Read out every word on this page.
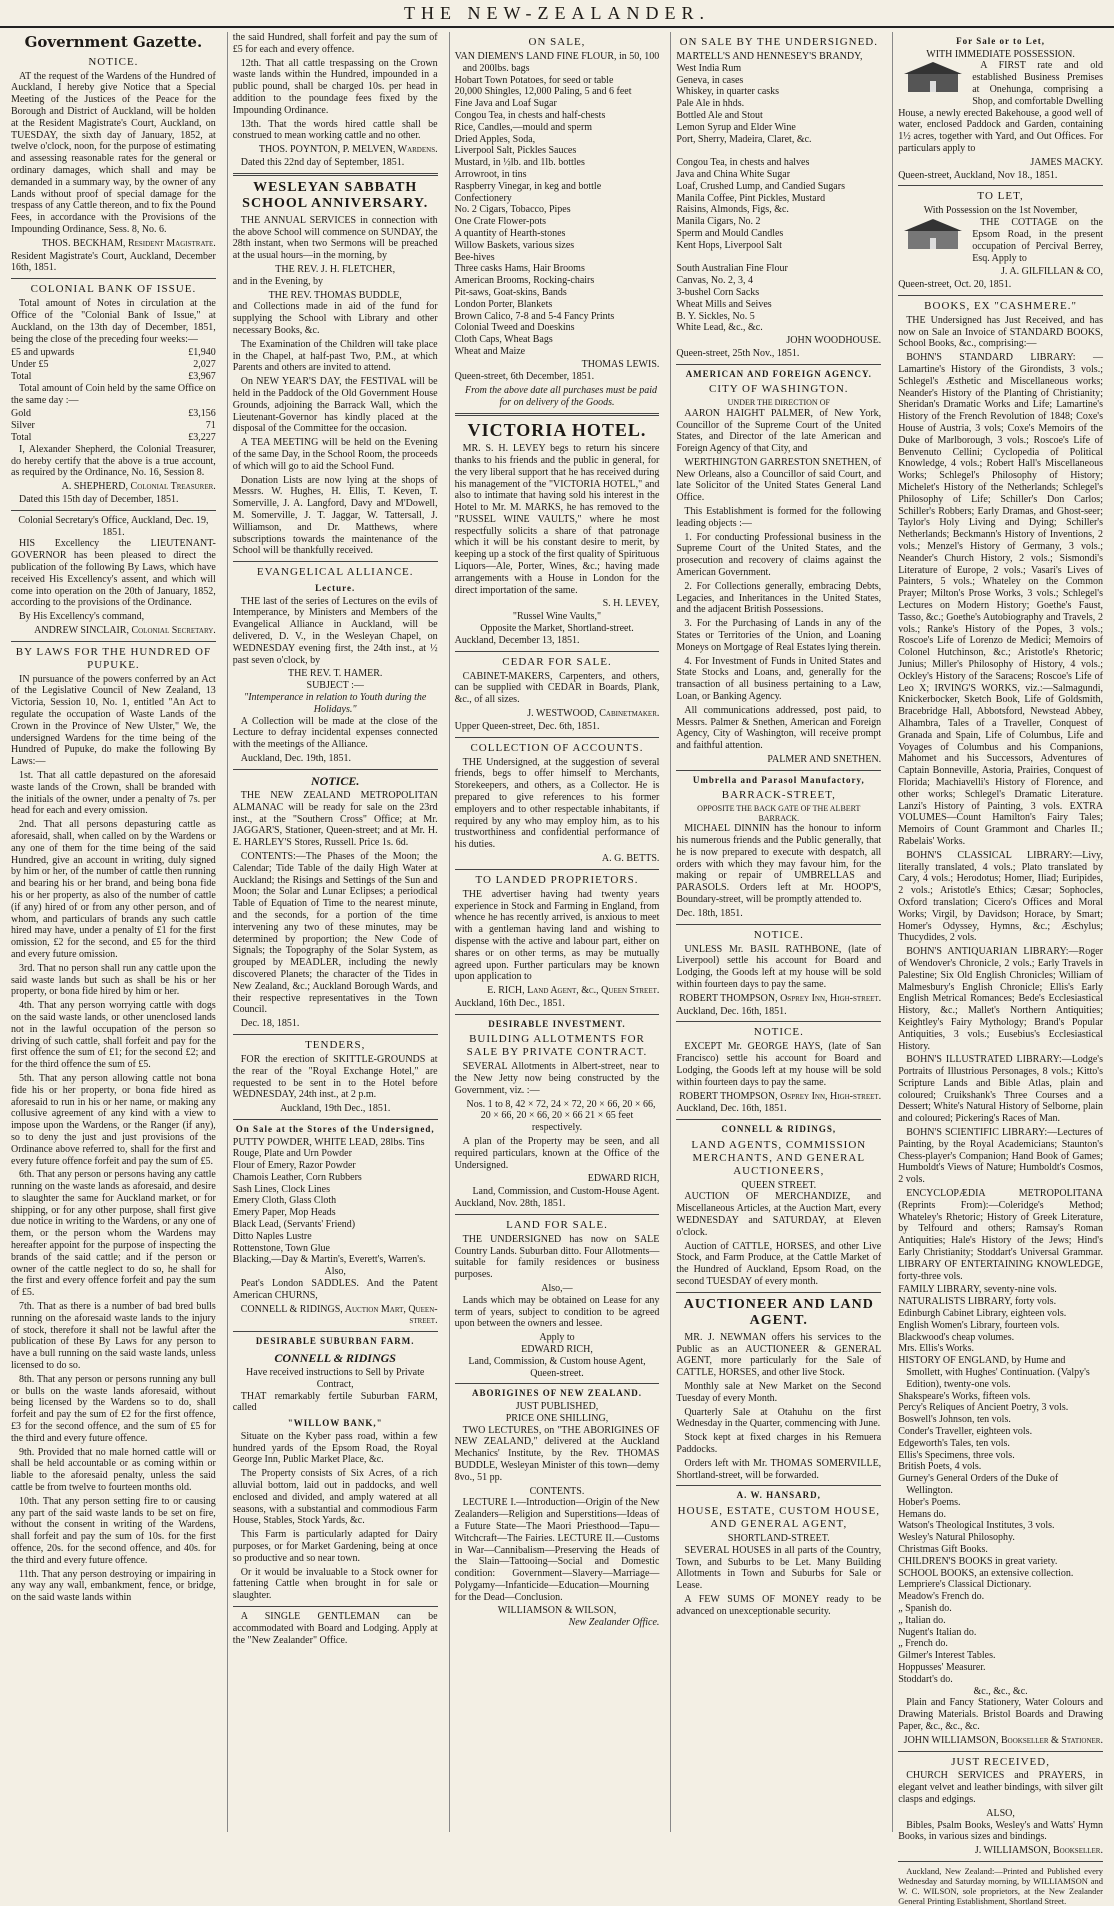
THE NEW-ZEALANDER.
Government Gazette.
NOTICE.

AT the request of the Wardens of the Hundred of Auckland, I hereby give Notice that a Special Meeting of the Justices of the Peace for the Borough and District of Auckland, will be holden at the Resident Magistrate's Court, Auckland, on TUESDAY, the sixth day of January, 1852, at twelve o'clock, noon, for the purpose of estimating and assessing reasonable rates for the general or ordinary damages, which shall and may be demanded in a summary way, by the owner of any Lands without proof of special damage for the trespass of any Cattle thereon, and to fix the Pound Fees, in accordance with the Provisions of the Impounding Ordinance, Sess. 8, No. 6.

THOS. BECKHAM, Resident Magistrate.

Resident Magistrate's Court, Auckland, December 16th, 1851.

COLONIAL BANK OF ISSUE.

Total amount of Notes in circulation at the Office of the "Colonial Bank of Issue," at Auckland, on the 13th day of December, 1851, being the close of the preceding four weeks:—

£5 and upwards	£1,940
Under £5	2,027
Total	£3,967

Total amount of Coin held by the same Office on the same day :—

Gold	£3,156
Silver	71
Total	£3,227

I, Alexander Shepherd, the Colonial Treasurer, do hereby certify that the above is a true account, as required by the Ordinance, No. 16, Session 8.

A. SHEPHERD, Colonial Treasurer.

Dated this 15th day of December, 1851.

Colonial Secretary's Office, Auckland, Dec. 19, 1851.

HIS Excellency the LIEUTENANT-GOVERNOR has been pleased to direct the publication of the following By Laws, which have received His Excellency's assent, and which will come into operation on the 20th of January, 1852, according to the provisions of the Ordinance.

By His Excellency's command,

ANDREW SINCLAIR, Colonial Secretary.
BY LAWS FOR THE HUNDRED OF PUPUKE.

IN pursuance of the powers conferred by an Act of the Legislative Council of New Zealand, 13 Victoria, Session 10, No. 1, entitled "An Act to regulate the occupation of Waste Lands of the Crown in the Province of New Ulster," We, the undersigned Wardens for the time being of the Hundred of Pupuke, do make the following By Laws:—

1st. That all cattle depastured on the aforesaid waste lands of the Crown, shall be branded with the initials of the owner, under a penalty of 7s. per head for each and every omission.

2nd. That all persons depasturing cattle as aforesaid, shall, when called on by the Wardens or any one of them for the time being of the said Hundred, give an account in writing, duly signed by him or her, of the number of cattle then running and bearing his or her brand, and being bona fide his or her property, as also of the number of cattle (if any) hired of or from any other person, and of whom, and particulars of brands any such cattle hired may have, under a penalty of £1 for the first omission, £2 for the second, and £5 for the third and every future omission.

3rd. That no person shall run any cattle upon the said waste lands but such as shall be his or her property, or bona fide hired by him or her.

4th. That any person worrying cattle with dogs on the said waste lands, or other unenclosed lands not in the lawful occupation of the person so driving of such cattle, shall forfeit and pay for the first offence the sum of £1; for the second £2; and for the third offence the sum of £5.

5th. That any person allowing cattle not bona fide his or her property, or bona fide hired as aforesaid to run in his or her name, or making any collusive agreement of any kind with a view to impose upon the Wardens, or the Ranger (if any), so to deny the just and just provisions of the Ordinance above referred to, shall for the first and every future offence forfeit and pay the sum of £5.

6th. That any person or persons having any cattle running on the waste lands as aforesaid, and desire to slaughter the same for Auckland market, or for shipping, or for any other purpose, shall first give due notice in writing to the Wardens, or any one of them, or the person whom the Wardens may hereafter appoint for the purpose of inspecting the brands of the said cattle; and if the person or owner of the cattle neglect to do so, he shall for the first and every offence forfeit and pay the sum of £5.

7th. That as there is a number of bad bred bulls running on the aforesaid waste lands to the injury of stock, therefore it shall not be lawful after the publication of these By Laws for any person to have a bull running on the said waste lands, unless licensed to do so.

8th. That any person or persons running any bull or bulls on the waste lands aforesaid, without being licensed by the Wardens so to do, shall forfeit and pay the sum of £2 for the first offence, £3 for the second offence, and the sum of £5 for the third and every future offence.

9th. Provided that no male horned cattle will or shall be held accountable or as coming within or liable to the aforesaid penalty, unless the said cattle be from twelve to fourteen months old.

10th. That any person setting fire to or causing any part of the said waste lands to be set on fire, without the consent in writing of the Wardens, shall forfeit and pay the sum of 10s. for the first offence, 20s. for the second offence, and 40s. for the third and every future offence.

11th. That any person destroying or impairing in any way any wall, embankment, fence, or bridge, on the said waste lands within

the said Hundred, shall forfeit and pay the sum of £5 for each and every offence.

12th. That all cattle trespassing on the Crown waste lands within the Hundred, impounded in a public pound, shall be charged 10s. per head in addition to the poundage fees fixed by the Impounding Ordinance.

13th. That the words hired cattle shall be construed to mean working cattle and no other.

THOS. POYNTON, P. MELVEN, Wardens.

Dated this 22nd day of September, 1851.

WESLEYAN SABBATH SCHOOL ANNIVERSARY.

THE ANNUAL SERVICES in connection with the above School will commence on SUNDAY, the 28th instant, when two Sermons will be preached at the usual hours—in the morning, by

THE REV. J. H. FLETCHER,

and in the Evening, by

THE REV. THOMAS BUDDLE,

and Collections made in aid of the fund for supplying the School with Library and other necessary Books, &c.

The Examination of the Children will take place in the Chapel, at half-past Two, P.M., at which Parents and others are invited to attend.

On NEW YEAR'S DAY, the FESTIVAL will be held in the Paddock of the Old Government House Grounds, adjoining the Barrack Wall, which the Lieutenant-Governor has kindly placed at the disposal of the Committee for the occasion.

A TEA MEETING will be held on the Evening of the same Day, in the School Room, the proceeds of which will go to aid the School Fund.

Donation Lists are now lying at the shops of Messrs. W. Hughes, H. Ellis, T. Keven, T. Somerville, J. A. Langford, Davy and M'Dowell, M. Somerville, J. T. Jaggar, W. Tattersall, J. Williamson, and Dr. Matthews, where subscriptions towards the maintenance of the School will be thankfully received.

EVANGELICAL ALLIANCE.
Lecture.

THE last of the series of Lectures on the evils of Intemperance, by Ministers and Members of the Evangelical Alliance in Auckland, will be delivered, D. V., in the Wesleyan Chapel, on WEDNESDAY evening first, the 24th inst., at ½ past seven o'clock, by

THE REV. T. HAMER.
SUBJECT :—
"Intemperance in relation to Youth during the Holidays."

A Collection will be made at the close of the Lecture to defray incidental expenses connected with the meetings of the Alliance.

Auckland, Dec. 19th, 1851.

NOTICE.

THE NEW ZEALAND METROPOLITAN ALMANAC will be ready for sale on the 23rd inst., at the "Southern Cross" Office; at Mr. JAGGAR'S, Stationer, Queen-street; and at Mr. H. E. HARLEY'S Stores, Russell. Price 1s. 6d.

CONTENTS:—The Phases of the Moon; the Calendar; Tide Table of the daily High Water at Auckland; the Risings and Settings of the Sun and Moon; the Solar and Lunar Eclipses; a periodical Table of Equation of Time to the nearest minute, and the seconds, for a portion of the time intervening any two of these minutes, may be determined by proportion; the New Code of Signals; the Topography of the Solar System, as grouped by MEADLER, including the newly discovered Planets; the character of the Tides in New Zealand, &c.; Auckland Borough Wards, and their respective representatives in the Town Council.

Dec. 18, 1851.

TENDERS,

FOR the erection of SKITTLE-GROUNDS at the rear of the "Royal Exchange Hotel," are requested to be sent in to the Hotel before WEDNESDAY, 24th inst., at 2 p.m.

Auckland, 19th Dec., 1851.
On Sale at the Stores of the Undersigned,
PUTTY POWDER, WHITE LEAD, 28lbs. Tins
Rouge, Plate and Urn Powder
Flour of Emery, Razor Powder
Chamois Leather, Corn Rubbers
Sash Lines, Clock Lines
Emery Cloth, Glass Cloth
Emery Paper, Mop Heads
Black Lead, (Servants' Friend)
Ditto Naples Lustre
Rottenstone, Town Glue
Blacking,—Day & Martin's, Everett's, Warren's.
Also,

Peat's London SADDLES. And the Patent American CHURNS,

CONNELL & RIDINGS, Auction Mart, Queen-street.
DESIRABLE SUBURBAN FARM.
CONNELL & RIDINGS
Have received instructions to Sell by Private Contract,

THAT remarkably fertile Suburban FARM, called

"WILLOW BANK,"

Situate on the Kyber pass road, within a few hundred yards of the Epsom Road, the Royal George Inn, Public Market Place, &c.

The Property consists of Six Acres, of a rich alluvial bottom, laid out in paddocks, and well enclosed and divided, and amply watered at all seasons, with a substantial and commodious Farm House, Stables, Stock Yards, &c.

This Farm is particularly adapted for Dairy purposes, or for Market Gardening, being at once so productive and so near town.

Or it would be invaluable to a Stock owner for fattening Cattle when brought in for sale or slaughter.

A SINGLE GENTLEMAN can be accommodated with Board and Lodging. Apply at the "New Zealander" Office.

ON SALE,
VAN DIEMEN'S LAND FINE FLOUR, in 50, 100 and 200lbs. bags
Hobart Town Potatoes, for seed or table
20,000 Shingles, 12,000 Paling, 5 and 6 feet
Fine Java and Loaf Sugar
Congou Tea, in chests and half-chests
Rice, Candles,—mould and sperm
Dried Apples, Soda,
Liverpool Salt, Pickles Sauces
Mustard, in ½lb. and 1lb. bottles
Arrowroot, in tins
Raspberry Vinegar, in keg and bottle
Confectionery
No. 2 Cigars, Tobacco, Pipes
One Crate Flower-pots
A quantity of Hearth-stones
Willow Baskets, various sizes
Bee-hives
Three casks Hams, Hair Brooms
American Brooms, Rocking-chairs
Pit-saws, Goat-skins, Bands
London Porter, Blankets
Brown Calico, 7-8 and 5-4 Fancy Prints
Colonial Tweed and Doeskins
Cloth Caps, Wheat Bags
Wheat and Maize
THOMAS LEWIS.

Queen-street, 6th December, 1851.

From the above date all purchases must be paid for on delivery of the Goods.

VICTORIA HOTEL.

MR. S. H. LEVEY begs to return his sincere thanks to his friends and the public in general, for the very liberal support that he has received during his management of the "VICTORIA HOTEL," and also to intimate that having sold his interest in the Hotel to Mr. M. MARKS, he has removed to the "RUSSEL WINE VAULTS," where he most respectfully solicits a share of that patronage which it will be his constant desire to merit, by keeping up a stock of the first quality of Spirituous Liquors—Ale, Porter, Wines, &c.; having made arrangements with a House in London for the direct importation of the same.

S. H. LEVEY,
"Russel Wine Vaults,"
Opposite the Market, Shortland-street.

Auckland, December 13, 1851.

CEDAR FOR SALE.

CABINET-MAKERS, Carpenters, and others, can be supplied with CEDAR in Boards, Plank, &c., of all sizes.

J. WESTWOOD, Cabinetmaker.

Upper Queen-street, Dec. 6th, 1851.

COLLECTION OF ACCOUNTS.

THE Undersigned, at the suggestion of several friends, begs to offer himself to Merchants, Storekeepers, and others, as a Collector. He is prepared to give references to his former employers and to other respectable inhabitants, if required by any who may employ him, as to his trustworthiness and confidential performance of his duties.

A. G. BETTS.
TO LANDED PROPRIETORS.

THE advertiser having had twenty years experience in Stock and Farming in England, from whence he has recently arrived, is anxious to meet with a gentleman having land and wishing to dispense with the active and labour part, either on shares or on other terms, as may be mutually agreed upon. Further particulars may be known upon application to

E. RICH, Land Agent, &c., Queen Street.

Auckland, 16th Dec., 1851.

DESIRABLE INVESTMENT.
BUILDING ALLOTMENTS FOR SALE BY PRIVATE CONTRACT.

SEVERAL Allotments in Albert-street, near to the New Jetty now being constructed by the Government, viz. :—

Nos. 1 to 8, 42 × 72, 24 × 72, 20 × 66, 20 × 66, 20 × 66, 20 × 66, 20 × 66 21 × 65 feet respectively.

A plan of the Property may be seen, and all required particulars, known at the Office of the Undersigned.

EDWARD RICH,
Land, Commission, and Custom-House Agent.

Auckland, Nov. 28th, 1851.

LAND FOR SALE.

THE UNDERSIGNED has now on SALE Country Lands. Suburban ditto. Four Allotments—suitable for family residences or business purposes.

Also,—

Lands which may be obtained on Lease for any term of years, subject to condition to be agreed upon between the owners and lessee.

Apply to
EDWARD RICH,
Land, Commission, & Custom house Agent, Queen-street.
ABORIGINES OF NEW ZEALAND.
JUST PUBLISHED,
PRICE ONE SHILLING,

TWO LECTURES, on "THE ABORIGINES OF NEW ZEALAND," delivered at the Auckland Mechanics' Institute, by the Rev. THOMAS BUDDLE, Wesleyan Minister of this town—demy 8vo., 51 pp.

CONTENTS.

LECTURE I.—Introduction—Origin of the New Zealanders—Religion and Superstitions—Ideas of a Future State—The Maori Priesthood—Tapu—Witchcraft—The Fairies. LECTURE II.—Customs in War—Cannibalism—Preserving the Heads of the Slain—Tattooing—Social and Domestic condition: Government—Slavery—Marriage—Polygamy—Infanticide—Education—Mourning for the Dead—Conclusion.

WILLIAMSON & WILSON,
New Zealander Office.
ON SALE BY THE UNDERSIGNED.
MARTELL'S AND HENNESEY'S BRANDY,
West India Rum
Geneva, in cases
Whiskey, in quarter casks
Pale Ale in hhds.
Bottled Ale and Stout
Lemon Syrup and Elder Wine
Port, Sherry, Madeira, Claret, &c.

Congou Tea, in chests and halves
Java and China White Sugar
Loaf, Crushed Lump, and Candied Sugars
Manila Coffee, Pint Pickles, Mustard
Raisins, Almonds, Figs, &c.
Manila Cigars, No. 2
Sperm and Mould Candles
Kent Hops, Liverpool Salt

South Australian Fine Flour
Canvas, No. 2, 3, 4
3-bushel Corn Sacks
Wheat Mills and Seives
B. Y. Sickles, No. 5
White Lead, &c., &c.
JOHN WOODHOUSE.

Queen-street, 25th Nov., 1851.

AMERICAN AND FOREIGN AGENCY.
CITY OF WASHINGTON.
UNDER THE DIRECTION OF

AARON HAIGHT PALMER, of New York, Councillor of the Supreme Court of the United States, and Director of the late American and Foreign Agency of that City, and

WERTHINGTON GARRESTON SNETHEN, of New Orleans, also a Councillor of said Court, and late Solicitor of the United States General Land Office.

This Establishment is formed for the following leading objects :—

1. For conducting Professional business in the Supreme Court of the United States, and the prosecution and recovery of claims against the American Government.

2. For Collections generally, embracing Debts, Legacies, and Inheritances in the United States, and the adjacent British Possessions.

3. For the Purchasing of Lands in any of the States or Territories of the Union, and Loaning Moneys on Mortgage of Real Estates lying therein.

4. For Investment of Funds in United States and State Stocks and Loans, and, generally for the transaction of all business pertaining to a Law, Loan, or Banking Agency.

All communications addressed, post paid, to Messrs. Palmer & Snethen, American and Foreign Agency, City of Washington, will receive prompt and faithful attention.

PALMER AND SNETHEN.
Umbrella and Parasol Manufactory,
BARRACK-STREET,
OPPOSITE THE BACK GATE OF THE ALBERT BARRACK.

MICHAEL DINNIN has the honour to inform his numerous friends and the Public generally, that he is now prepared to execute with despatch, all orders with which they may favour him, for the making or repair of UMBRELLAS and PARASOLS. Orders left at Mr. HOOP'S, Boundary-street, will be promptly attended to.

Dec. 18th, 1851.

NOTICE.

UNLESS Mr. BASIL RATHBONE, (late of Liverpool) settle his account for Board and Lodging, the Goods left at my house will be sold within fourteen days to pay the same.

ROBERT THOMPSON, Osprey Inn, High-street.

Auckland, Dec. 16th, 1851.

NOTICE.

EXCEPT Mr. GEORGE HAYS, (late of San Francisco) settle his account for Board and Lodging, the Goods left at my house will be sold within fourteen days to pay the same.

ROBERT THOMPSON, Osprey Inn, High-street.

Auckland, Dec. 16th, 1851.

CONNELL & RIDINGS,
LAND AGENTS, COMMISSION MERCHANTS, AND GENERAL AUCTIONEERS,
QUEEN STREET.

AUCTION OF MERCHANDIZE, and Miscellaneous Articles, at the Auction Mart, every WEDNESDAY and SATURDAY, at Eleven o'clock.

Auction of CATTLE, HORSES, and other Live Stock, and Farm Produce, at the Cattle Market of the Hundred of Auckland, Epsom Road, on the second TUESDAY of every month.

AUCTIONEER AND LAND AGENT.

MR. J. NEWMAN offers his services to the Public as an AUCTIONEER & GENERAL AGENT, more particularly for the Sale of CATTLE, HORSES, and other live Stock.

Monthly sale at New Market on the Second Tuesday of every Month.

Quarterly Sale at Otahuhu on the first Wednesday in the Quarter, commencing with June.

Stock kept at fixed charges in his Remuera Paddocks.

Orders left with Mr. THOMAS SOMERVILLE, Shortland-street, will be forwarded.

A. W. HANSARD,
HOUSE, ESTATE, CUSTOM HOUSE, AND GENERAL AGENT,
SHORTLAND-STREET.

SEVERAL HOUSES in all parts of the Country, Town, and Suburbs to be Let. Many Building Allotments in Town and Suburbs for Sale or Lease.

A FEW SUMS OF MONEY ready to be advanced on unexceptionable security.

For Sale or to Let,
WITH IMMEDIATE POSSESSION.

A FIRST rate and old established Business Premises at Onehunga, comprising a Shop, and comfortable Dwelling House, a newly erected Bakehouse, a good well of water, enclosed Paddock and Garden, containing 1½ acres, together with Yard, and Out Offices. For particulars apply to

JAMES MACKY.

Queen-street, Auckland, Nov 18., 1851.

TO LET,
With Possession on the 1st November,

THE COTTAGE on the Epsom Road, in the present occupation of Percival Berrey, Esq. Apply to

J. A. GILFILLAN & CO,

Queen-street, Oct. 20, 1851.

BOOKS, EX "CASHMERE."

THE Undersigned has Just Received, and has now on Sale an Invoice of STANDARD BOOKS, School Books, &c., comprising:—

BOHN'S STANDARD LIBRARY: — Lamartine's History of the Girondists, 3 vols.; Schlegel's Æsthetic and Miscellaneous works; Neander's History of the Planting of Christianity; Sheridan's Dramatic Works and Life; Lamartine's History of the French Revolution of 1848; Coxe's House of Austria, 3 vols; Coxe's Memoirs of the Duke of Marlborough, 3 vols.; Roscoe's Life of Benvenuto Cellini; Cyclopedia of Political Knowledge, 4 vols.; Robert Hall's Miscellaneous Works; Schlegel's Philosophy of History; Michelet's History of the Netherlands; Schlegel's Philosophy of Life; Schiller's Don Carlos; Schiller's Robbers; Early Dramas, and Ghost-seer; Taylor's Holy Living and Dying; Schiller's Netherlands; Beckmann's History of Inventions, 2 vols.; Menzel's History of Germany, 3 vols.; Neander's Church History, 2 vols.; Sismondi's Literature of Europe, 2 vols.; Vasari's Lives of Painters, 5 vols.; Whateley on the Common Prayer; Milton's Prose Works, 3 vols.; Schlegel's Lectures on Modern History; Goethe's Faust, Tasso, &c.; Goethe's Autobiography and Travels, 2 vols.; Ranke's History of the Popes, 3 vols.; Roscoe's Life of Lorenzo de Medici; Memoirs of Colonel Hutchinson, &c.; Aristotle's Rhetoric; Junius; Miller's Philosophy of History, 4 vols.; Ockley's History of the Saracens; Roscoe's Life of Leo X; IRVING'S WORKS, viz.:—Salmagundi, Knickerbocker, Sketch Book, Life of Goldsmith, Bracebridge Hall, Abbotsford, Newstead Abbey, Alhambra, Tales of a Traveller, Conquest of Granada and Spain, Life of Columbus, Life and Voyages of Columbus and his Companions, Mahomet and his Successors, Adventures of Captain Bonneville, Astoria, Prairies, Conquest of Florida; Machiavelli's History of Florence, and other works; Schlegel's Dramatic Literature. Lanzi's History of Painting, 3 vols. EXTRA VOLUMES—Count Hamilton's Fairy Tales; Memoirs of Count Grammont and Charles II.; Rabelais' Works.

BOHN'S CLASSICAL LIBRARY:—Livy, literally translated, 4 vols.; Plato translated by Cary, 4 vols.; Herodotus; Homer, Iliad; Euripides, 2 vols.; Aristotle's Ethics; Cæsar; Sophocles, Oxford translation; Cicero's Offices and Moral Works; Virgil, by Davidson; Horace, by Smart; Homer's Odyssey, Hymns, &c.; Æschylus; Thucydides, 2 vols.

BOHN'S ANTIQUARIAN LIBRARY:—Roger of Wendover's Chronicle, 2 vols.; Early Travels in Palestine; Six Old English Chronicles; William of Malmesbury's English Chronicle; Ellis's Early English Metrical Romances; Bede's Ecclesiastical History, &c.; Mallet's Northern Antiquities; Keightley's Fairy Mythology; Brand's Popular Antiquities, 3 vols.; Eusebius's Ecclesiastical History.

BOHN'S ILLUSTRATED LIBRARY:—Lodge's Portraits of Illustrious Personages, 8 vols.; Kitto's Scripture Lands and Bible Atlas, plain and coloured; Cruikshank's Three Courses and a Dessert; White's Natural History of Selborne, plain and coloured; Pickering's Races of Man.

BOHN'S SCIENTIFIC LIBRARY:—Lectures of Painting, by the Royal Academicians; Staunton's Chess-player's Companion; Hand Book of Games; Humboldt's Views of Nature; Humboldt's Cosmos, 2 vols.

ENCYCLOPÆDIA METROPOLITANA (Reprints From):—Coleridge's Method; Whateley's Rhetoric; History of Greek Literature, by Telfourd and others; Ramsay's Roman Antiquities; Hale's History of the Jews; Hind's Early Christianity; Stoddart's Universal Grammar. LIBRARY OF ENTERTAINING KNOWLEDGE, forty-three vols.

FAMILY LIBRARY, seventy-nine vols.
NATURALISTS LIBRARY, forty vols.
Edinburgh Cabinet Library, eighteen vols.
English Women's Library, fourteen vols.
Blackwood's cheap volumes.
Mrs. Ellis's Works.
HISTORY OF ENGLAND, by Hume and Smollett, with Hughes' Continuation. (Valpy's Edition), twenty-one vols.
Shakspeare's Works, fifteen vols.
Percy's Reliques of Ancient Poetry, 3 vols.
Boswell's Johnson, ten vols.
Conder's Traveller, eighteen vols.
Edgeworth's Tales, ten vols.
Ellis's Specimens, three vols.
British Poets, 4 vols.
Gurney's General Orders of the Duke of Wellington.
Hober's Poems.
Hemans do.
Watson's Theological Institutes, 3 vols.
Wesley's Natural Philosophy.
Christmas Gift Books.
CHILDREN'S BOOKS in great variety.
SCHOOL BOOKS, an extensive collection.
Lempriere's Classical Dictionary.
Meadow's French do.
„ Spanish do.
„ Italian do.
Nugent's Italian do.
„ French do.
Gilmer's Interest Tables.
Hoppusses' Measurer.
Stoddart's do.
&c., &c., &c.

Plain and Fancy Stationery, Water Colours and Drawing Materials. Bristol Boards and Drawing Paper, &c., &c., &c.

JOHN WILLIAMSON, Bookseller & Stationer.
JUST RECEIVED,

CHURCH SERVICES and PRAYERS, in elegant velvet and leather bindings, with silver gilt clasps and edgings.

ALSO,

Bibles, Psalm Books, Wesley's and Watts' Hymn Books, in various sizes and bindings.

J. WILLIAMSON, Bookseller.

Auckland, New Zealand:—Printed and Published every Wednesday and Saturday morning, by WILLIAMSON and W. C. WILSON, sole proprietors, at the New Zealander General Printing Establishment, Shortland Street.
